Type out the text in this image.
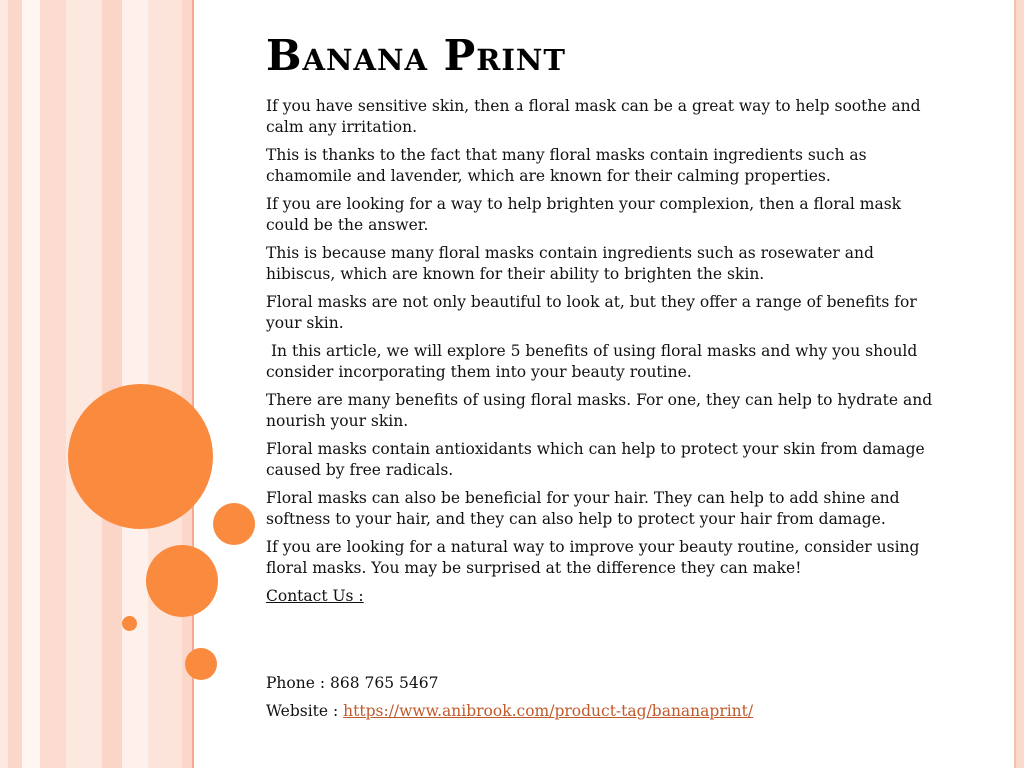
Banana Print

If you have sensitive skin, then a floral mask can be a great way to help soothe and calm any irritation.

This is thanks to the fact that many floral masks contain ingredients such as chamomile and lavender, which are known for their calming properties.

If you are looking for a way to help brighten your complexion, then a floral mask could be the answer.

This is because many floral masks contain ingredients such as rosewater and hibiscus, which are known for their ability to brighten the skin.

Floral masks are not only beautiful to look at, but they offer a range of benefits for your skin.

In this article, we will explore 5 benefits of using floral masks and why you should consider incorporating them into your beauty routine.

There are many benefits of using floral masks. For one, they can help to hydrate and nourish your skin.

Floral masks contain antioxidants which can help to protect your skin from damage caused by free radicals.

Floral masks can also be beneficial for your hair. They can help to add shine and softness to your hair, and they can also help to protect your hair from damage.

If you are looking for a natural way to improve your beauty routine, consider using floral masks. You may be surprised at the difference they can make!

Contact Us :

Phone : 868 765 5467

Website : https://www.anibrook.com/product-tag/bananaprint/
